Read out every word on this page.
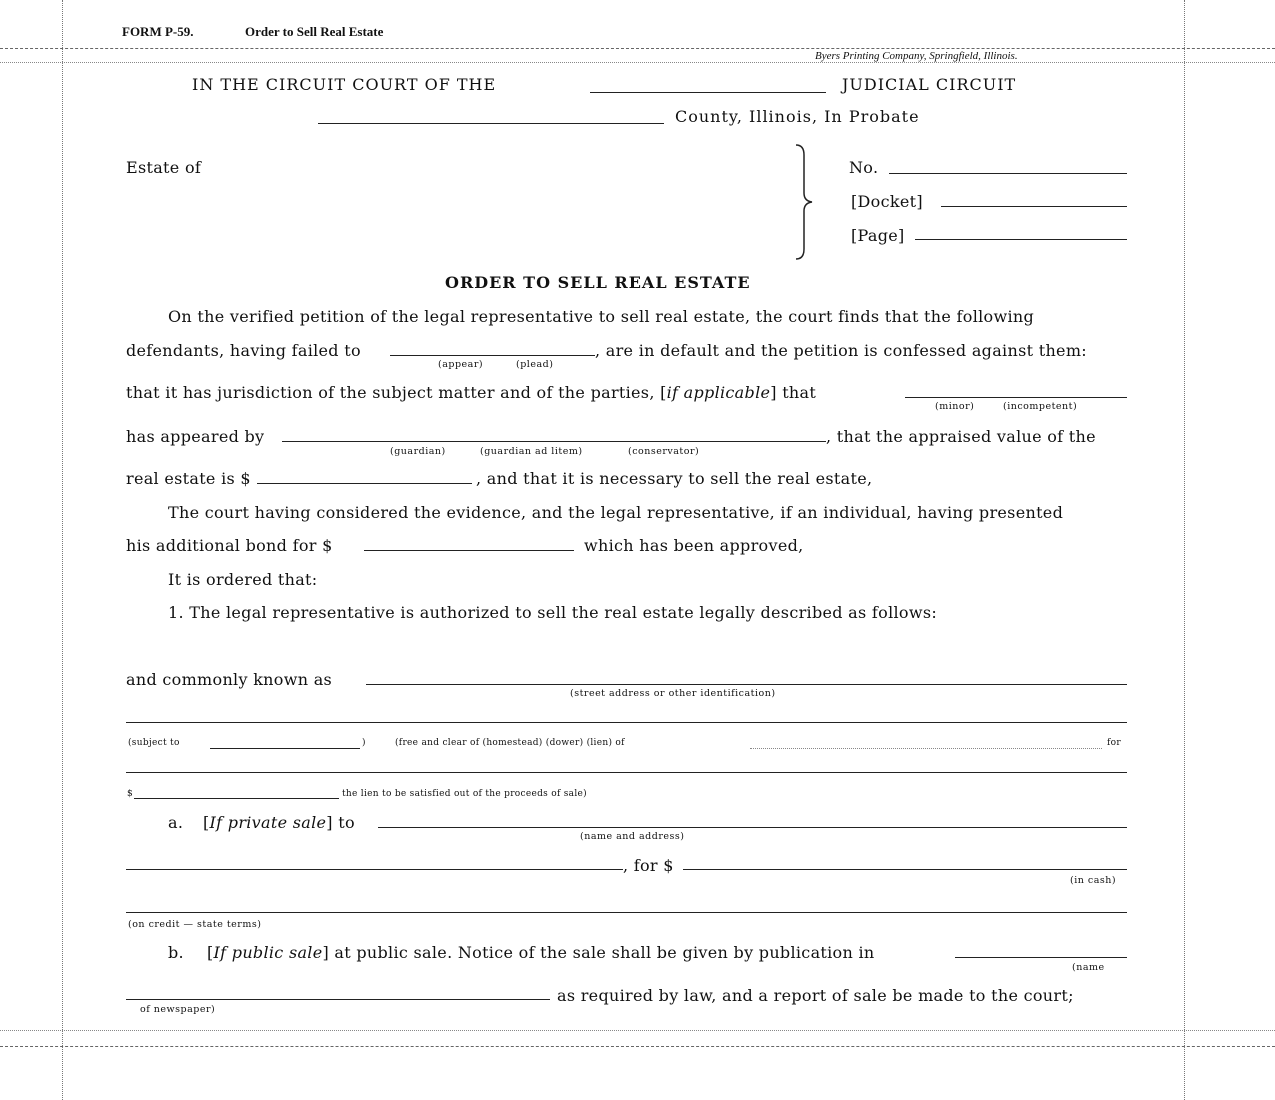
FORM P-59.	Order to Sell Real Estate
Byers Printing Company, Springfield, Illinois.
IN THE CIRCUIT COURT OF THE	JUDICIAL CIRCUIT
County, Illinois, In Probate
Estate of	No.
[Docket]
[Page]
ORDER TO SELL REAL ESTATE
On the verified petition of the legal representative to sell real estate, the court finds that the following
defendants, having failed to	, are in default and the petition is confessed against them:
(appear)	(plead)
that it has jurisdiction of the subject matter and of the parties, [if applicable] that
(minor)	(incompetent)
has appeared by	, that the appraised value of the
(guardian)	(guardian ad litem)	(conservator)
real estate is $	, and that it is necessary to sell the real estate,
The court having considered the evidence, and the legal representative, if an individual, having presented
his additional bond for $	which has been approved,
It is ordered that:
1. The legal representative is authorized to sell the real estate legally described as follows:
and commonly known as
(street address or other identification)
(subject to	)	(free and clear of (homestead) (dower) (lien) of	for
$	the lien to be satisfied out of the proceeds of sale)
a. [If private sale] to
(name and address)
, for $
(in cash)
(on credit — state terms)
b. [If public sale] at public sale. Notice of the sale shall be given by publication in
(name
of newspaper)
as required by law, and a report of sale be made to the court;
